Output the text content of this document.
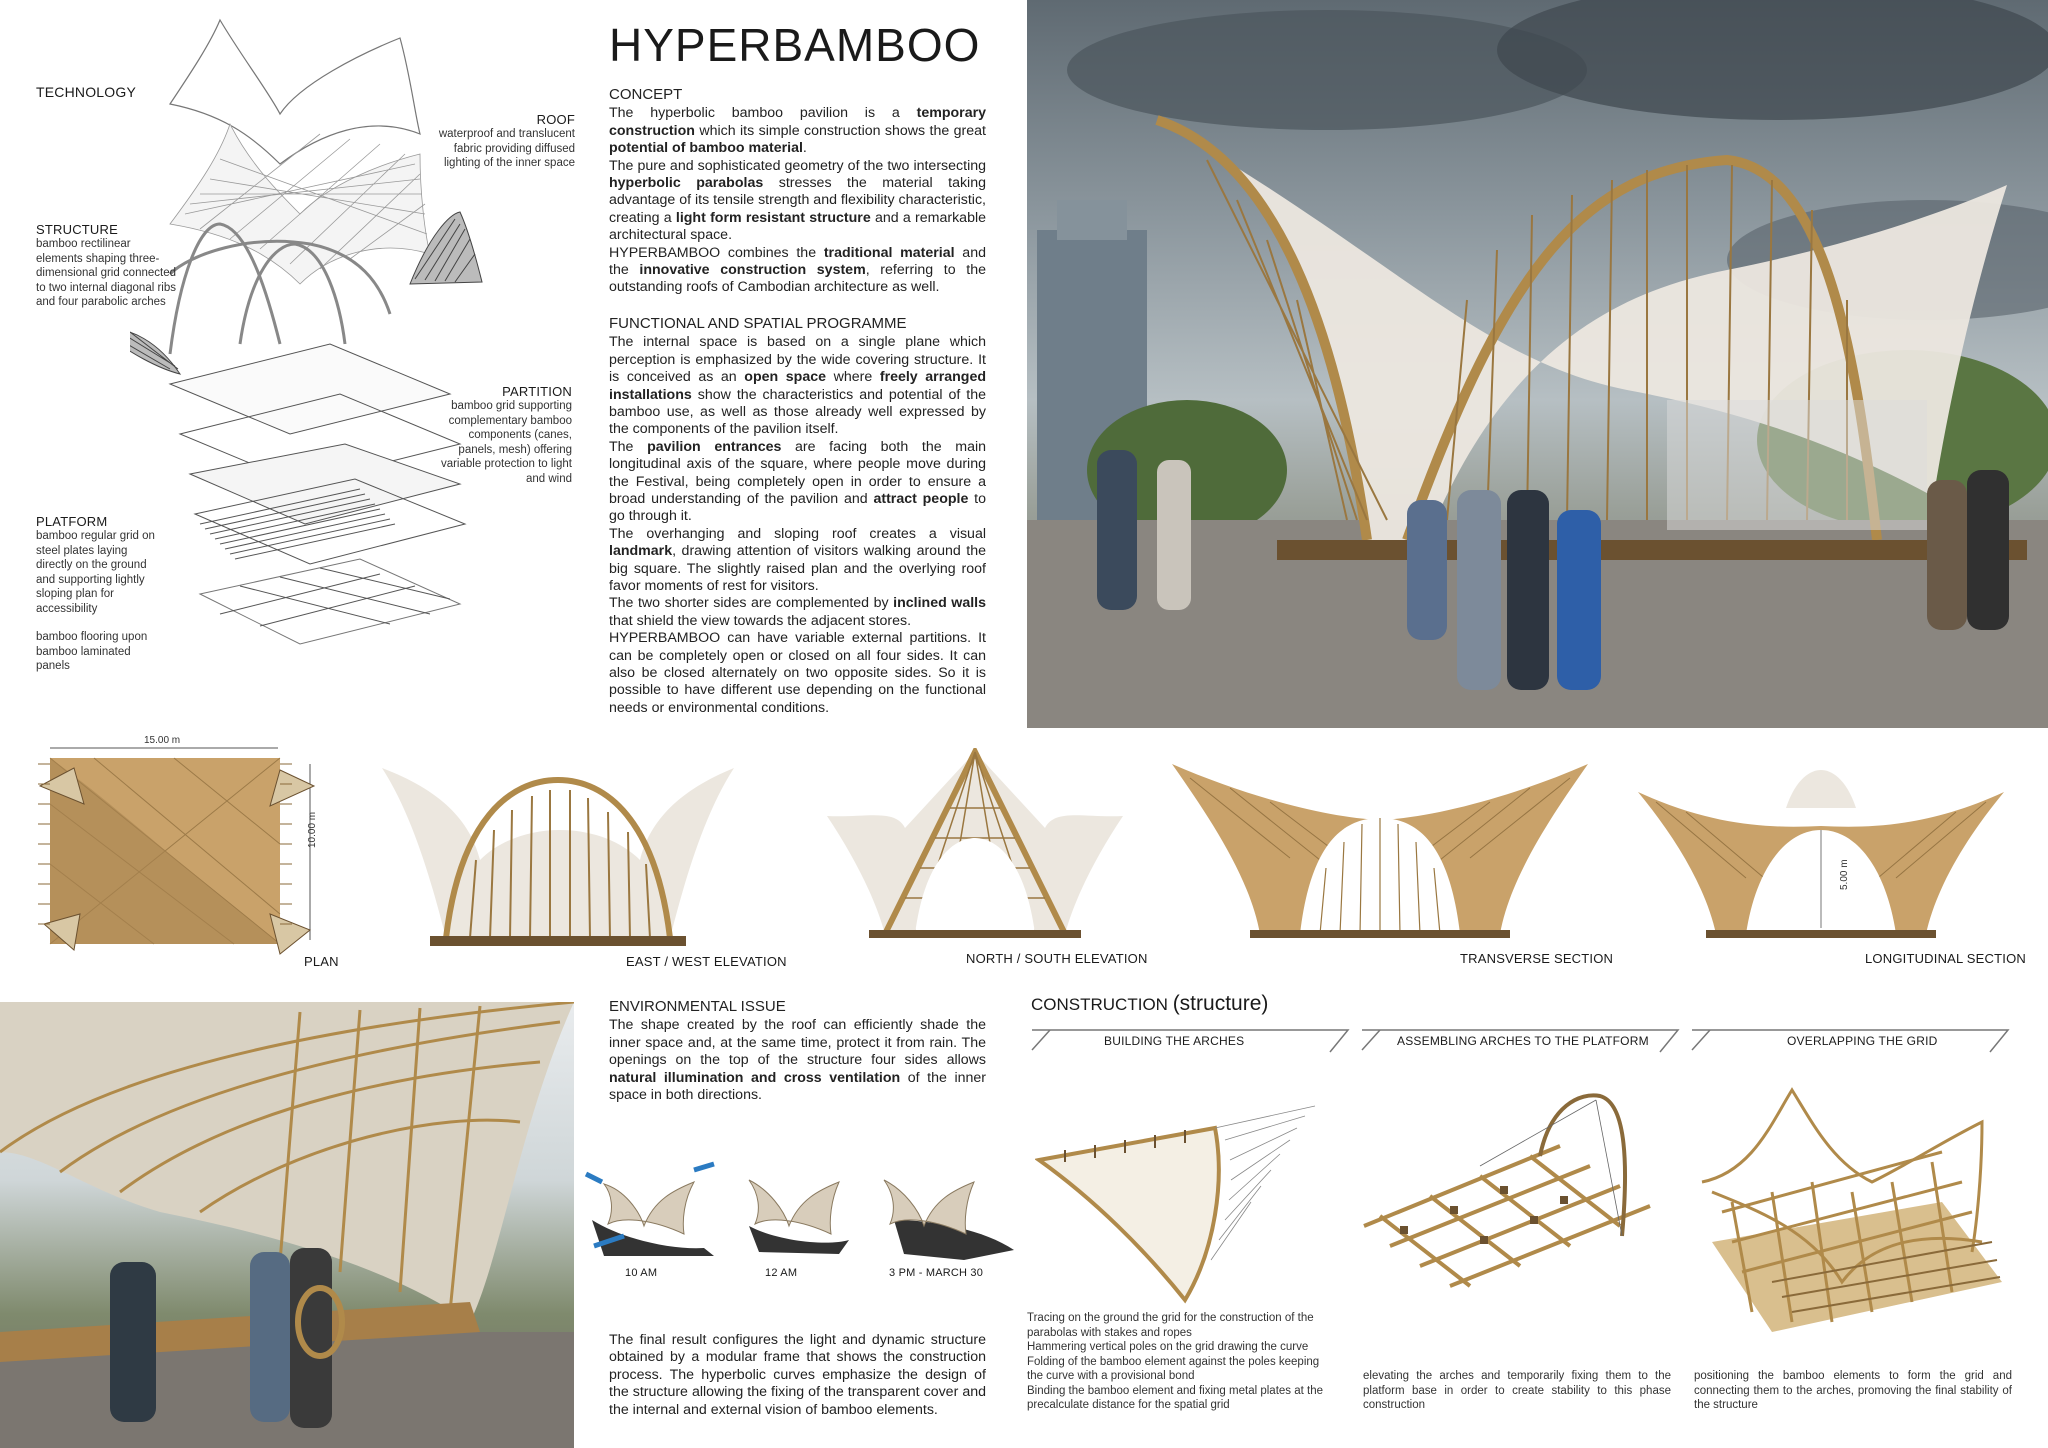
HYPERBAMBOO
TECHNOLOGY
ROOF
waterproof and translucent fabric providing diffused lighting of the inner space
STRUCTURE
bamboo rectilinear elements shaping three-dimensional grid connected to two internal diagonal ribs and four parabolic arches
PARTITION
bamboo grid supporting complementary bamboo components (canes, panels, mesh) offering variable protection to light and wind
PLATFORM
bamboo regular grid on steel plates laying directly on the ground and supporting lightly sloping plan for accessibility
bamboo flooring upon bamboo laminated panels
CONCEPT

The hyperbolic bamboo pavilion is a temporary construction which its simple construction shows the great potential of bamboo material.

The pure and sophisticated geometry of the two intersecting hyperbolic parabolas stresses the material taking advantage of its tensile strength and flexibility characteristic, creating a light form resistant structure and a remarkable architectural space.

HYPERBAMBOO combines the traditional material and the innovative construction system, referring to the outstanding roofs of Cambodian architecture as well.

FUNCTIONAL AND SPATIAL PROGRAMME

The internal space is based on a single plane which perception is emphasized by the wide covering structure. It is conceived as an open space where freely arranged installations show the characteristics and potential of the bamboo use, as well as those already well expressed by the components of the pavilion itself.

The pavilion entrances are facing both the main longitudinal axis of the square, where people move during the Festival, being completely open in order to ensure a broad understanding of the pavilion and attract people to go through it.

The overhanging and sloping roof creates a visual landmark, drawing attention of visitors walking around the big square. The slightly raised plan and the overlying roof favor moments of rest for visitors.

The two shorter sides are complemented by inclined walls that shield the view towards the adjacent stores.

HYPERBAMBOO can have variable external partitions. It can be completely open or closed on all four sides. It can also be closed alternately on two opposite sides. So it is possible to have different use depending on the functional needs or environmental conditions.

15.00 m
10.00 m
PLAN	EAST / WEST ELEVATION	NORTH / SOUTH ELEVATION	TRANSVERSE SECTION
5.00 m
LONGITUDINAL SECTION
ENVIRONMENTAL ISSUE

The shape created by the roof can efficiently shade the inner space and, at the same time, protect it from rain. The openings on the top of the structure four sides allows natural illumination and cross ventilation of the inner space in both directions.

10 AM	12 AM	3 PM - MARCH 30
The final result configures the light and dynamic structure obtained by a modular frame that shows the construction process. The hyperbolic curves emphasize the design of the structure allowing the fixing of the transparent cover and the internal and external vision of bamboo elements.
CONSTRUCTION (structure)
BUILDING THE ARCHES	ASSEMBLING ARCHES TO THE PLATFORM	OVERLAPPING THE GRID
Tracing on the ground the grid for the construction of the parabolas with stakes and ropes
Hammering vertical poles on the grid drawing the curve
Folding of the bamboo element against the poles keeping the curve with a provisional bond
Binding the bamboo element and fixing metal plates at the precalculate distance for the spatial grid
elevating the arches and temporarily fixing them to the platform base in order to create stability to this phase construction
positioning the bamboo elements to form the grid and connecting them to the arches, promoving the final stability of the structure
